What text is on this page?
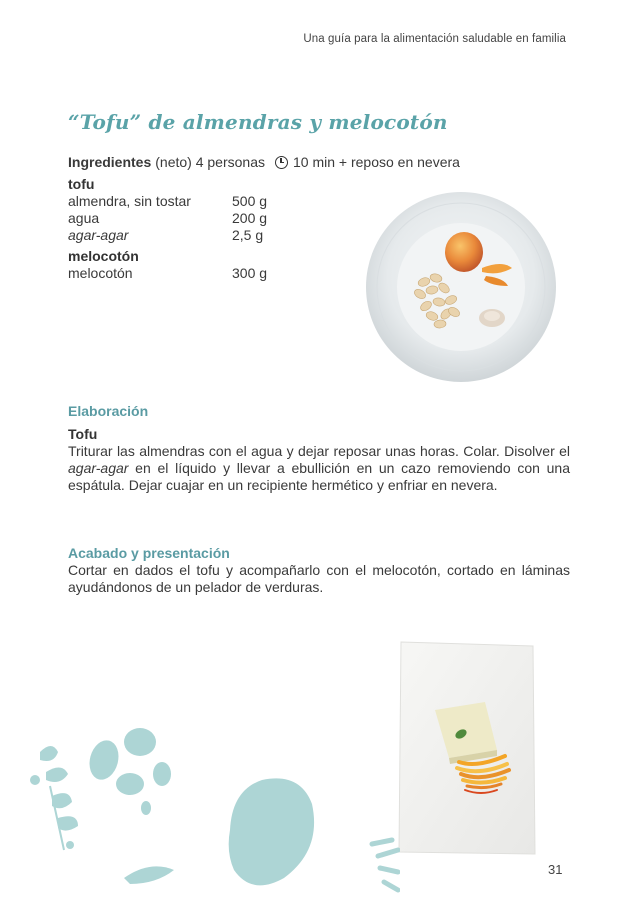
Una guía para la alimentación saludable en familia
“Tofu” de almendras y melocotón
Ingredientes (neto) 4 personas 10 min + reposo en nevera
tofu
almendra, sin tostar	500 g
agua	200 g
agar-agar	2,5 g
melocotón
melocotón	300 g
Elaboración
Tofu
Triturar las almendras con el agua y dejar reposar unas horas. Colar. Disolver el agar-agar en el líquido y llevar a ebullición en un cazo removiendo con una espátula. Dejar cuajar en un recipiente hermético y enfriar en nevera.
Acabado y presentación
Cortar en dados el tofu y acompañarlo con el melocotón, cortado en láminas ayudándonos de un pelador de verduras.
31
